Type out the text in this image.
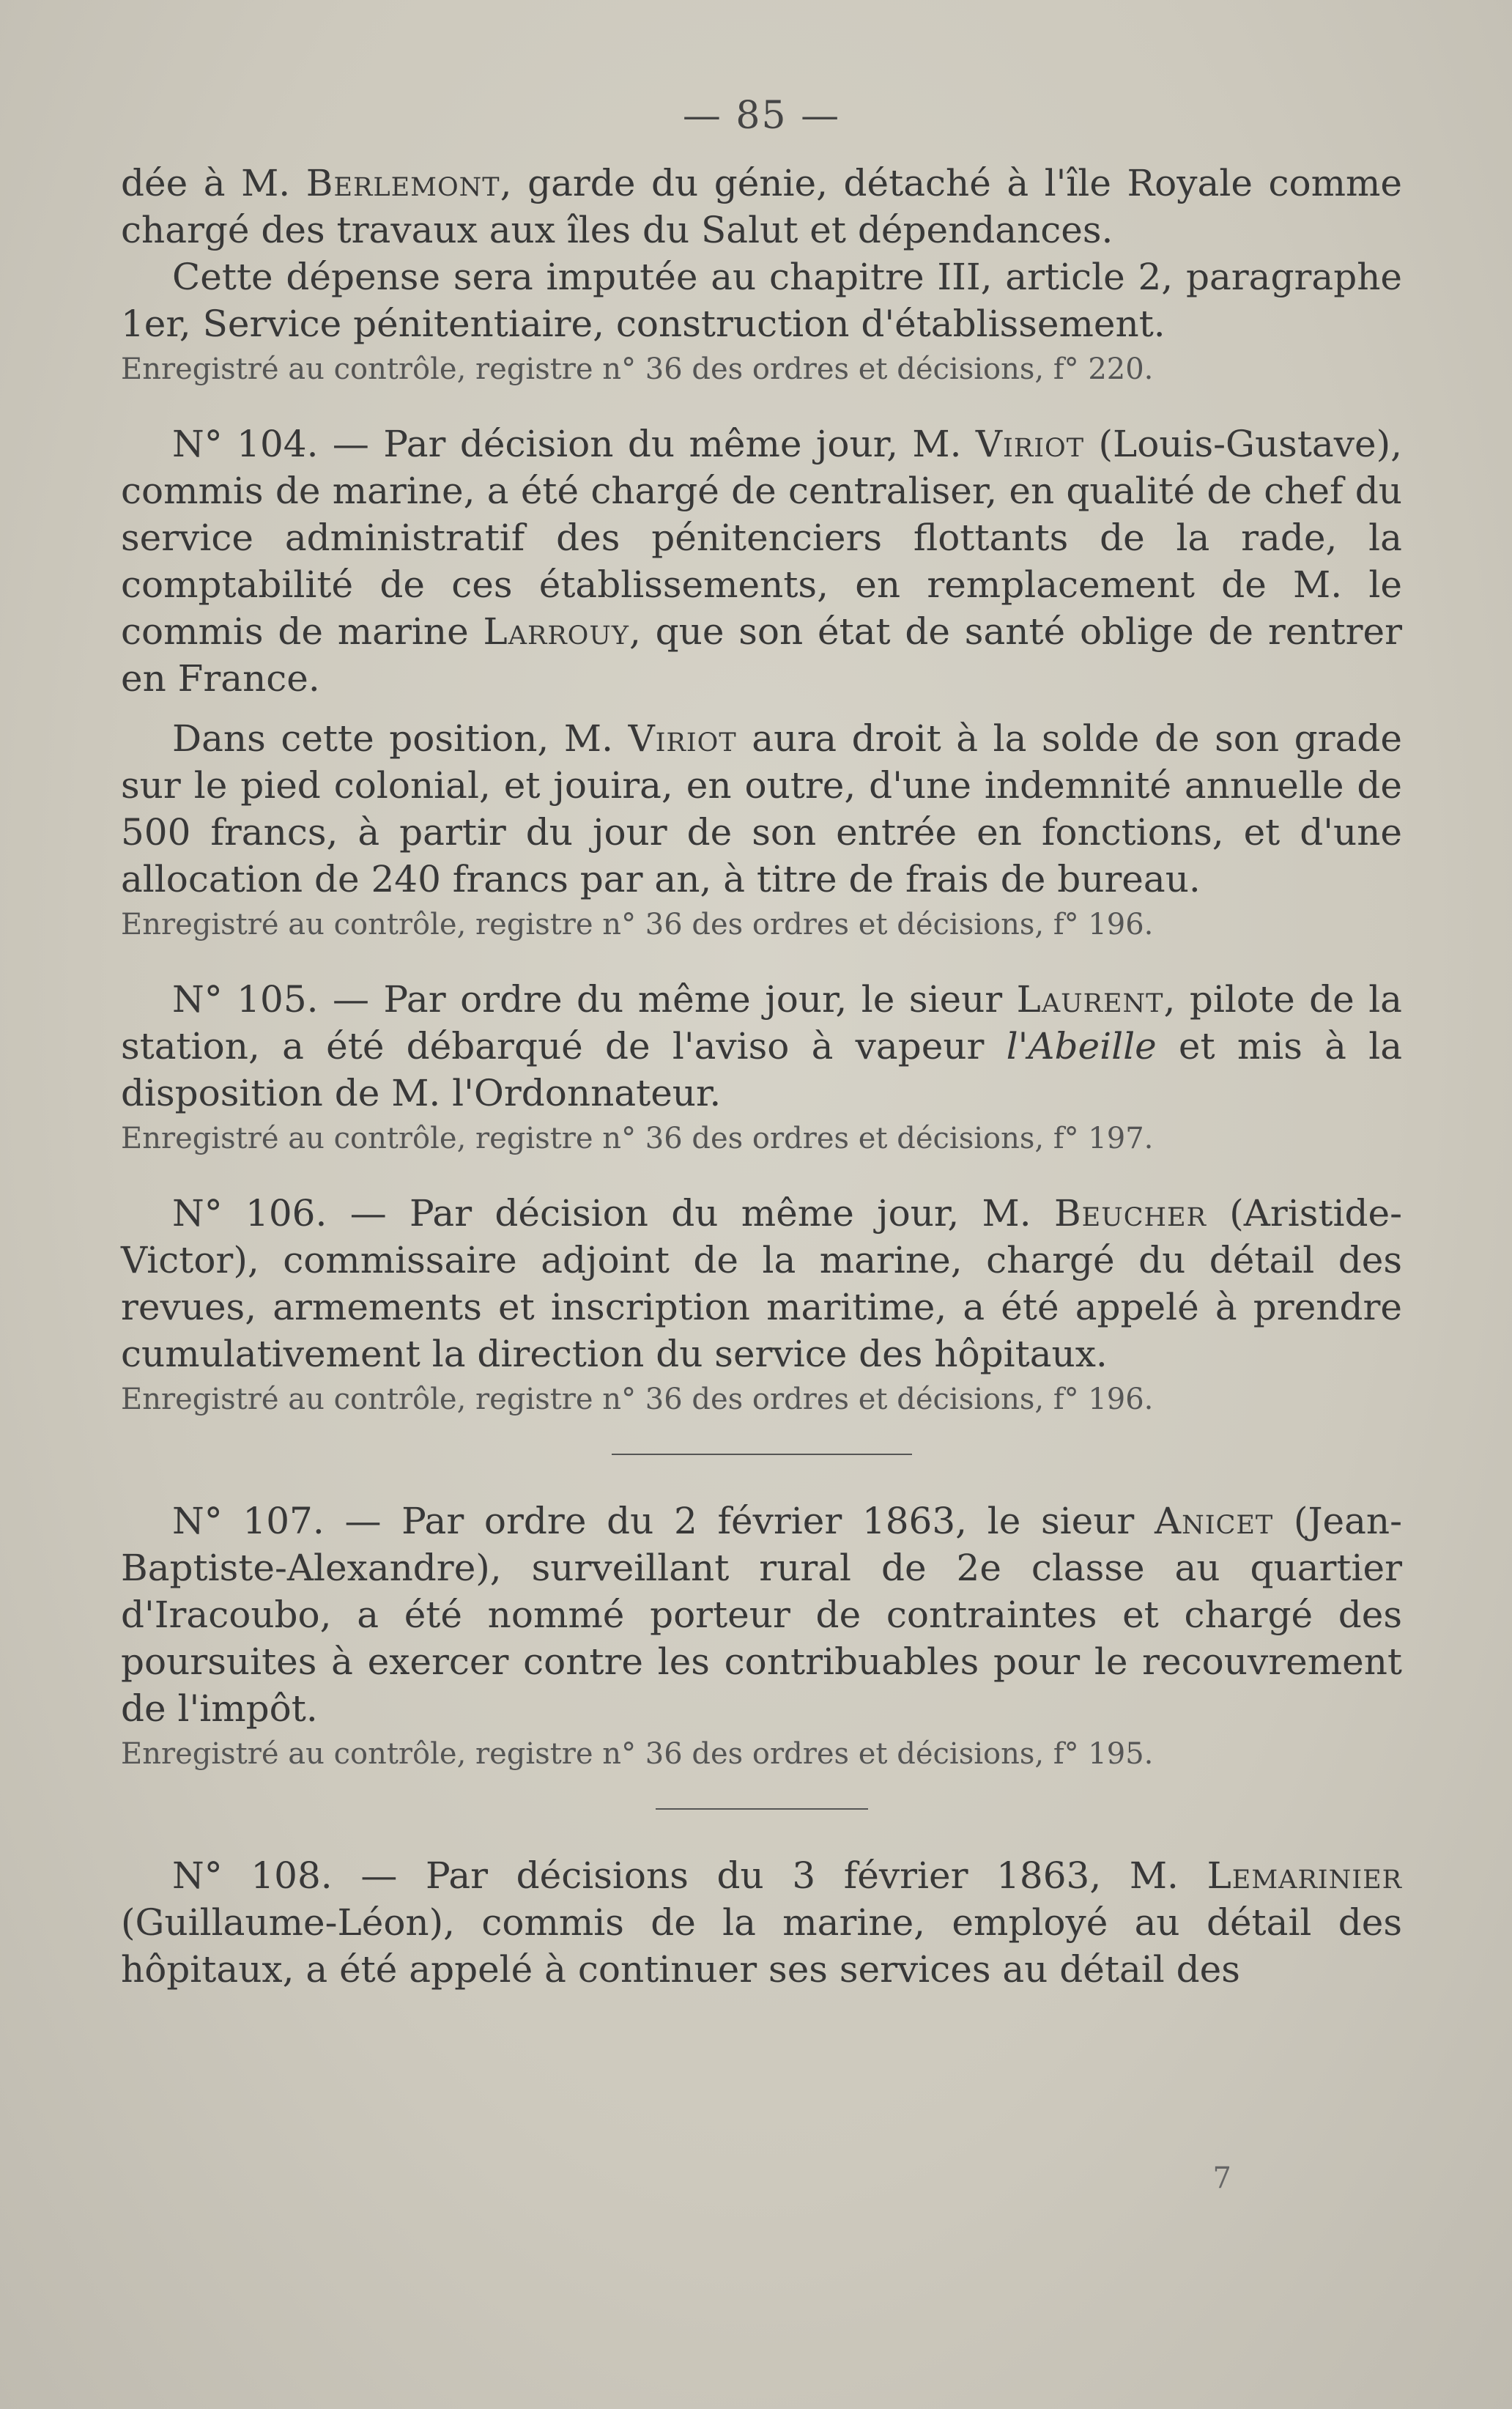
— 85 —

dée à M. Berlemont, garde du génie, détaché à l'île Royale comme chargé des travaux aux îles du Salut et dépendances.

Cette dépense sera imputée au chapitre III, article 2, paragraphe 1er, Service pénitentiaire, construction d'établissement.

Enregistré au contrôle, registre n° 36 des ordres et décisions, f° 220.

N° 104. — Par décision du même jour, M. Viriot (Louis-Gustave), commis de marine, a été chargé de centraliser, en qualité de chef du service administratif des pénitenciers flottants de la rade, la comptabilité de ces établissements, en remplacement de M. le commis de marine Larrouy, que son état de santé oblige de rentrer en France.

Dans cette position, M. Viriot aura droit à la solde de son grade sur le pied colonial, et jouira, en outre, d'une indemnité annuelle de 500 francs, à partir du jour de son entrée en fonctions, et d'une allocation de 240 francs par an, à titre de frais de bureau.

Enregistré au contrôle, registre n° 36 des ordres et décisions, f° 196.

N° 105. — Par ordre du même jour, le sieur Laurent, pilote de la station, a été débarqué de l'aviso à vapeur l'Abeille et mis à la disposition de M. l'Ordonnateur.

Enregistré au contrôle, registre n° 36 des ordres et décisions, f° 197.

N° 106. — Par décision du même jour, M. Beucher (Aristide-Victor), commissaire adjoint de la marine, chargé du détail des revues, armements et inscription maritime, a été appelé à prendre cumulativement la direction du service des hôpitaux.

Enregistré au contrôle, registre n° 36 des ordres et décisions, f° 196.

N° 107. — Par ordre du 2 février 1863, le sieur Anicet (Jean-Baptiste-Alexandre), surveillant rural de 2e classe au quartier d'Iracoubo, a été nommé porteur de contraintes et chargé des poursuites à exercer contre les contribuables pour le recouvrement de l'impôt.

Enregistré au contrôle, registre n° 36 des ordres et décisions, f° 195.

N° 108. — Par décisions du 3 février 1863, M. Lemarinier (Guillaume-Léon), commis de la marine, employé au détail des hôpitaux, a été appelé à continuer ses services au détail des

7
